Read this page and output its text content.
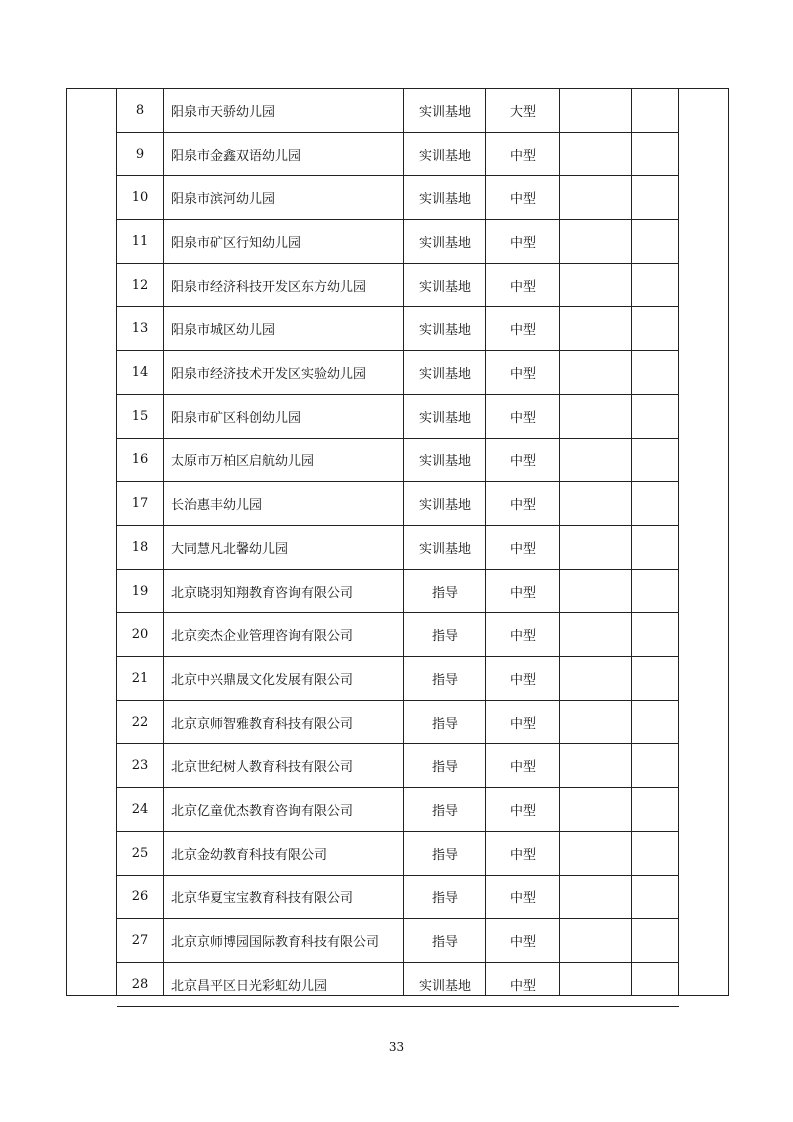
8	阳泉市天骄幼儿园	实训基地	大型
9	阳泉市金鑫双语幼儿园	实训基地	中型
10	阳泉市滨河幼儿园	实训基地	中型
11	阳泉市矿区行知幼儿园	实训基地	中型
12	阳泉市经济科技开发区东方幼儿园	实训基地	中型
13	阳泉市城区幼儿园	实训基地	中型
14	阳泉市经济技术开发区实验幼儿园	实训基地	中型
15	阳泉市矿区科创幼儿园	实训基地	中型
16	太原市万柏区启航幼儿园	实训基地	中型
17	长治惠丰幼儿园	实训基地	中型
18	大同慧凡北馨幼儿园	实训基地	中型
19	北京晓羽知翔教育咨询有限公司	指导	中型
20	北京奕杰企业管理咨询有限公司	指导	中型
21	北京中兴鼎晟文化发展有限公司	指导	中型
22	北京京师智雅教育科技有限公司	指导	中型
23	北京世纪树人教育科技有限公司	指导	中型
24	北京亿童优杰教育咨询有限公司	指导	中型
25	北京金幼教育科技有限公司	指导	中型
26	北京华夏宝宝教育科技有限公司	指导	中型
27	北京京师博园国际教育科技有限公司	指导	中型
28	北京昌平区日光彩虹幼儿园	实训基地	中型
33
